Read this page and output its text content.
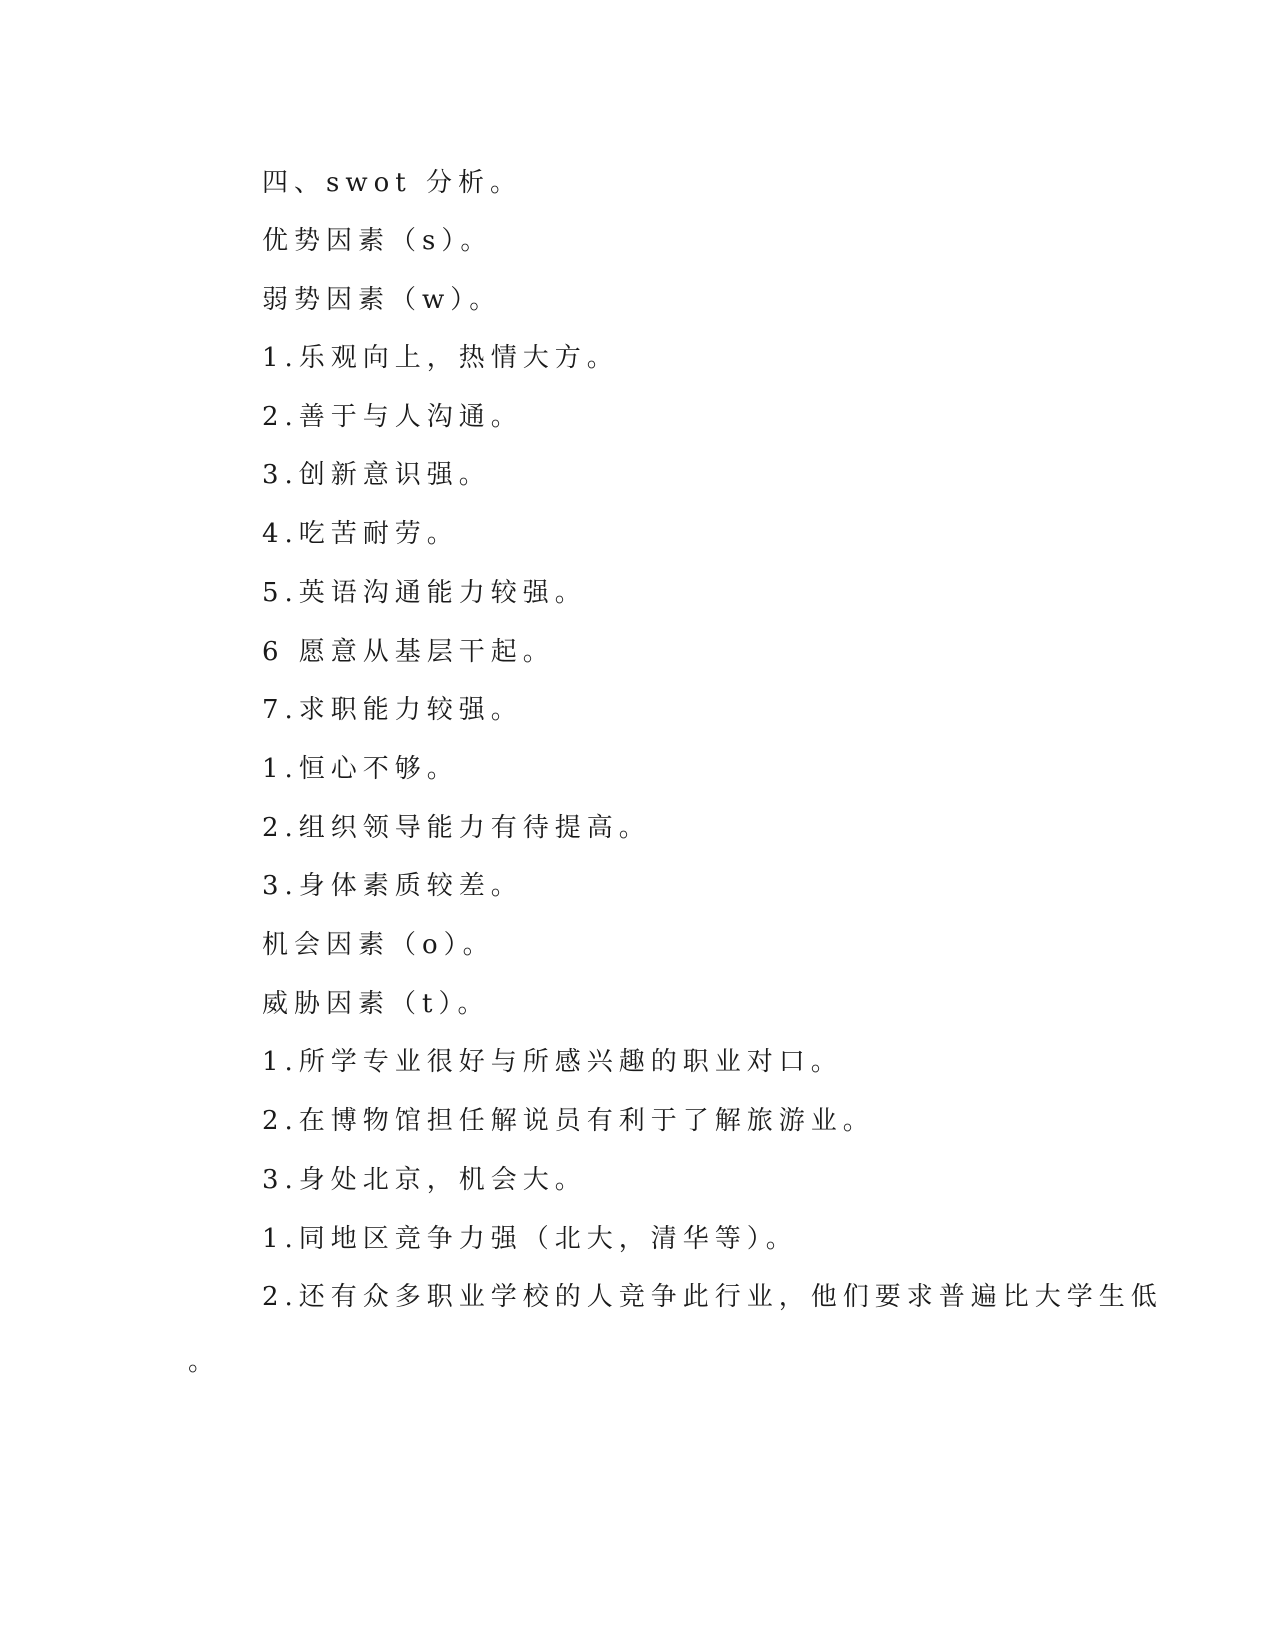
四、swot 分析。
优势因素（s）。
弱势因素（w）。
1.乐观向上，热情大方。
2.善于与人沟通。
3.创新意识强。
4.吃苦耐劳。
5.英语沟通能力较强。
6 愿意从基层干起。
7.求职能力较强。
1.恒心不够。
2.组织领导能力有待提高。
3.身体素质较差。
机会因素（o）。
威胁因素（t）。
1.所学专业很好与所感兴趣的职业对口。
2.在博物馆担任解说员有利于了解旅游业。
3.身处北京，机会大。
1.同地区竞争力强（北大，清华等）。
2.还有众多职业学校的人竞争此行业，他们要求普遍比大学生低
。
